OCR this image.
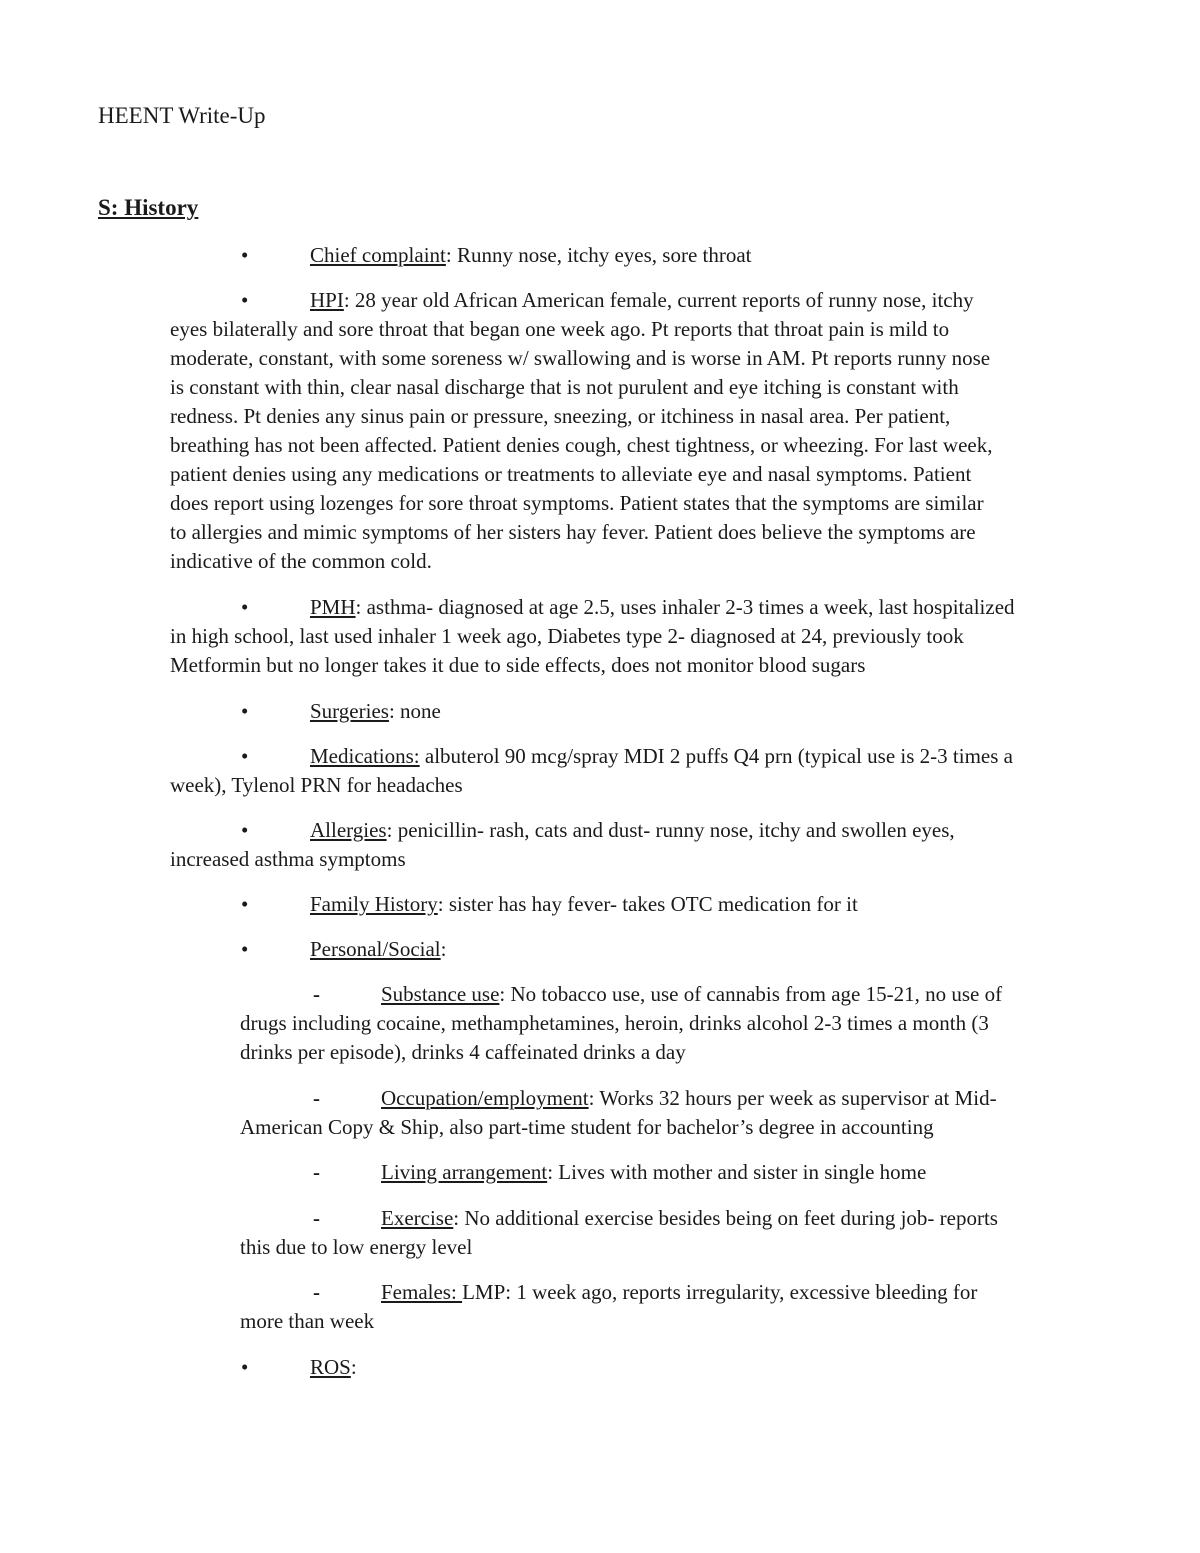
HEENT Write-Up
S: History

•	Chief complaint: Runny nose, itchy eyes, sore throat

•	HPI: 28 year old African American female, current reports of runny nose, itchy
eyes bilaterally and sore throat that began one week ago. Pt reports that throat pain is mild to
moderate, constant, with some soreness w/ swallowing and is worse in AM. Pt reports runny nose
is constant with thin, clear nasal discharge that is not purulent and eye itching is constant with
redness. Pt denies any sinus pain or pressure, sneezing, or itchiness in nasal area. Per patient,
breathing has not been affected. Patient denies cough, chest tightness, or wheezing. For last week,
patient denies using any medications or treatments to alleviate eye and nasal symptoms. Patient
does report using lozenges for sore throat symptoms. Patient states that the symptoms are similar
to allergies and mimic symptoms of her sisters hay fever. Patient does believe the symptoms are
indicative of the common cold.

•	PMH: asthma- diagnosed at age 2.5, uses inhaler 2-3 times a week, last hospitalized
in high school, last used inhaler 1 week ago, Diabetes type 2- diagnosed at 24, previously took
Metformin but no longer takes it due to side effects, does not monitor blood sugars

•	Surgeries: none

•	Medications: albuterol 90 mcg/spray MDI 2 puffs Q4 prn (typical use is 2-3 times a
week), Tylenol PRN for headaches

•	Allergies: penicillin- rash, cats and dust- runny nose, itchy and swollen eyes,
increased asthma symptoms

•	Family History: sister has hay fever- takes OTC medication for it

•	Personal/Social:

-	Substance use: No tobacco use, use of cannabis from age 15-21, no use of
drugs including cocaine, methamphetamines, heroin, drinks alcohol 2-3 times a month (3
drinks per episode), drinks 4 caffeinated drinks a day

-	Occupation/employment: Works 32 hours per week as supervisor at Mid-
American Copy & Ship, also part-time student for bachelor’s degree in accounting

-	Living arrangement: Lives with mother and sister in single home

-	Exercise: No additional exercise besides being on feet during job- reports
this due to low energy level

-	Females: LMP: 1 week ago, reports irregularity, excessive bleeding for
more than week

•	ROS:
